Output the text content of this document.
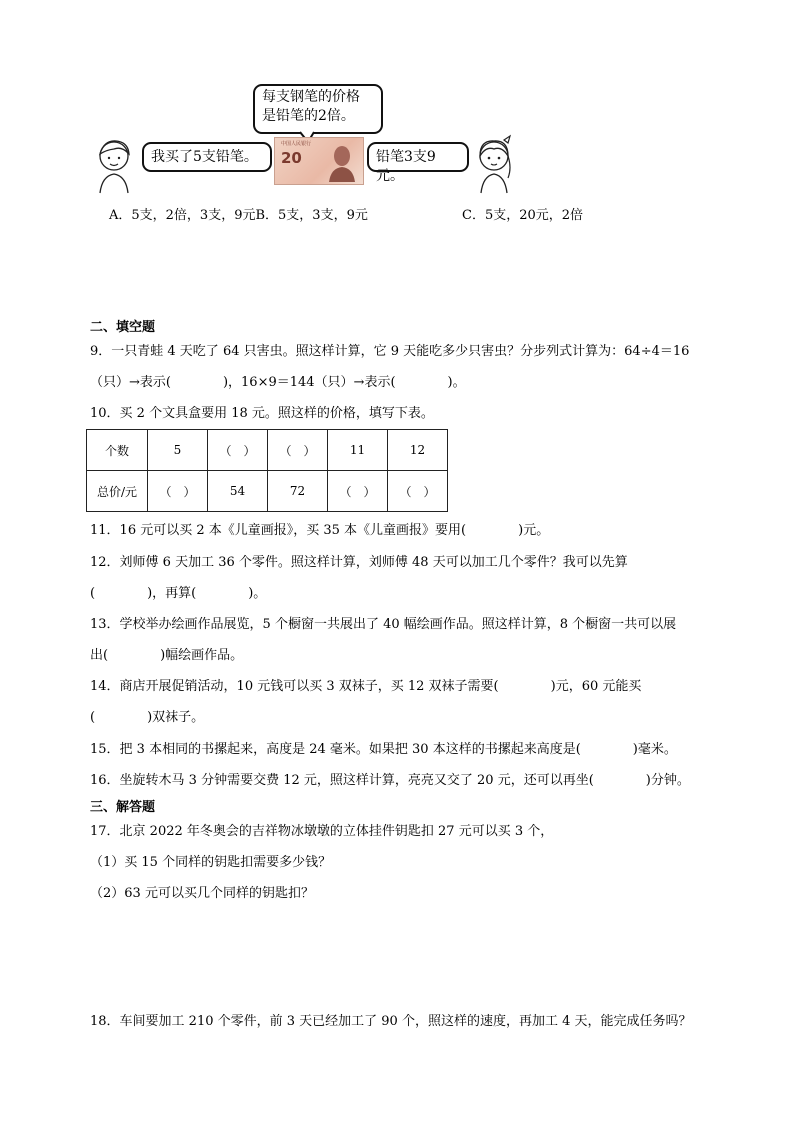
我买了5支铅笔。
每支钢笔的价格
是铅笔的2倍。
中国人民银行
20	铅笔3支9元。
A．5支，2倍，3支，9元B．5支，3支，9元	C．5支，20元，2倍
二、填空题
9．一只青蛙 4 天吃了 64 只害虫。照这样计算，它 9 天能吃多少只害虫？分步列式计算为：64÷4＝16
（只）→表示(　　　　)，16×9＝144（只）→表示(　　　　)。
10．买 2 个文具盒要用 18 元。照这样的价格，填写下表。
个数	5	（　）	（　）	11	12
总价/元	（　）	54	72	（　）	（　）
11．16 元可以买 2 本《儿童画报》，买 35 本《儿童画报》要用(　　　　)元。
12．刘师傅 6 天加工 36 个零件。照这样计算，刘师傅 48 天可以加工几个零件？我可以先算
(　　　　)，再算(　　　　)。
13．学校举办绘画作品展览，5 个橱窗一共展出了 40 幅绘画作品。照这样计算，8 个橱窗一共可以展
出(　　　　)幅绘画作品。
14．商店开展促销活动，10 元钱可以买 3 双袜子，买 12 双袜子需要(　　　　)元，60 元能买
(　　　　)双袜子。
15．把 3 本相同的书摞起来，高度是 24 毫米。如果把 30 本这样的书摞起来高度是(　　　　)毫米。
16．坐旋转木马 3 分钟需要交费 12 元，照这样计算，亮亮又交了 20 元，还可以再坐(　　　　)分钟。
三、解答题
17．北京 2022 年冬奥会的吉祥物冰墩墩的立体挂件钥匙扣 27 元可以买 3 个，
（1）买 15 个同样的钥匙扣需要多少钱？
（2）63 元可以买几个同样的钥匙扣？
18．车间要加工 210 个零件，前 3 天已经加工了 90 个，照这样的速度，再加工 4 天，能完成任务吗？
